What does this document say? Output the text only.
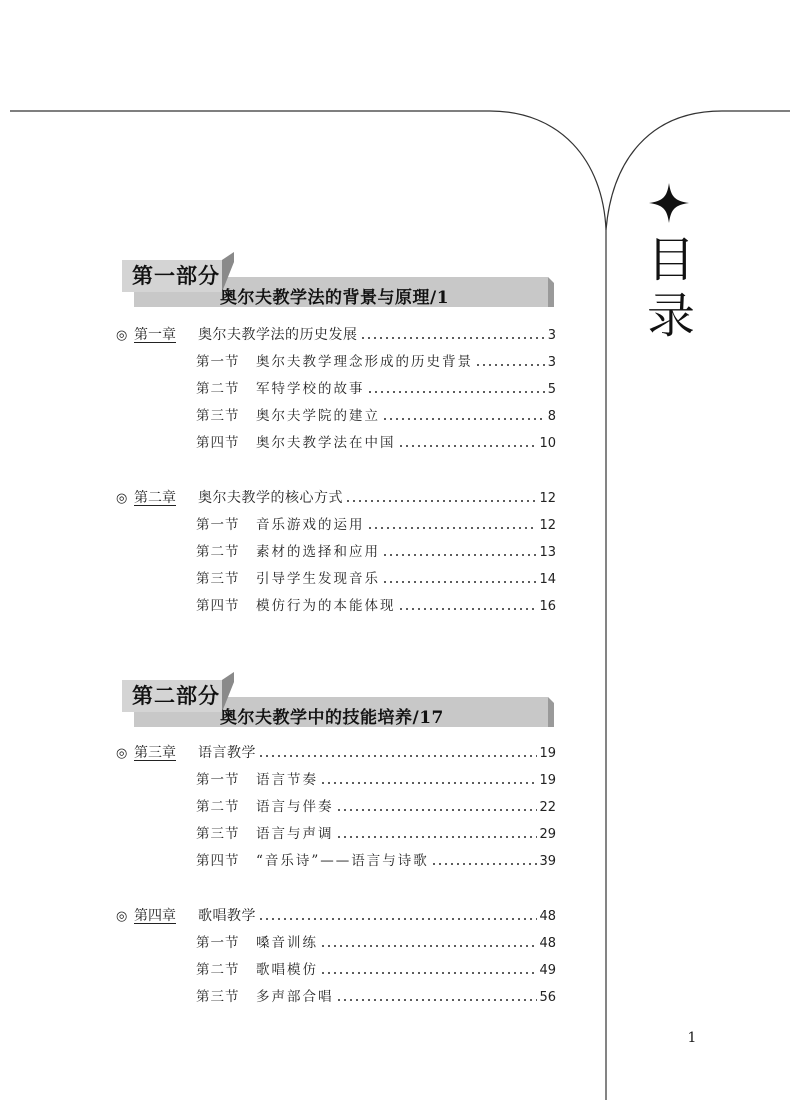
目
录
第一部分
奥尔夫教学法的背景与原理/1
◎ 第一章	奥尔夫教学法的历史发展	3
第一节	奥尔夫教学理念形成的历史背景	3
第二节	军特学校的故事	5
第三节	奥尔夫学院的建立	8
第四节	奥尔夫教学法在中国	10
◎ 第二章	奥尔夫教学的核心方式	12
第一节	音乐游戏的运用	12
第二节	素材的选择和应用	13
第三节	引导学生发现音乐	14
第四节	模仿行为的本能体现	16
第二部分
奥尔夫教学中的技能培养/17
◎ 第三章	语言教学	19
第一节	语言节奏	19
第二节	语言与伴奏	22
第三节	语言与声调	29
第四节	“音乐诗”——语言与诗歌	39
◎ 第四章	歌唱教学	48
第一节	嗓音训练	48
第二节	歌唱模仿	49
第三节	多声部合唱	56
1
